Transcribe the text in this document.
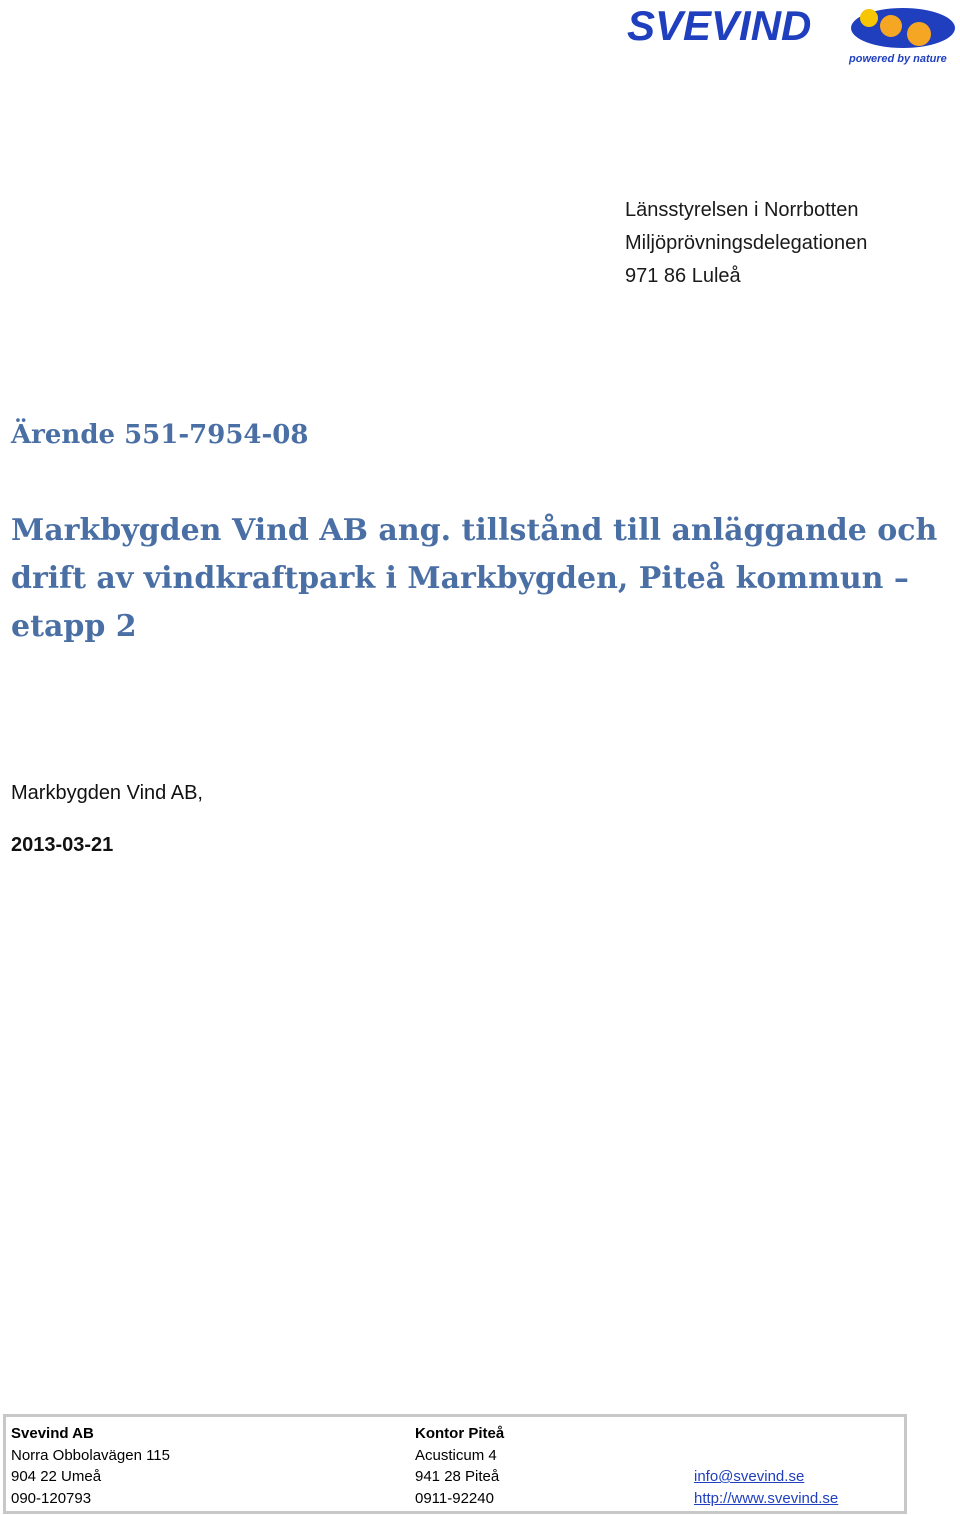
SVEVIND
powered by nature
Länsstyrelsen i Norrbotten
Miljöprövningsdelegationen
971 86 Luleå
Ärende 551-7954-08
Markbygden Vind AB ang. tillstånd till anläggande och
drift av vindkraftpark i Markbygden, Piteå kommun –
etapp 2
Markbygden Vind AB,
2013-03-21
Svevind AB
Norra Obbolavägen 115
904 22 Umeå
090-120793
Kontor Piteå
Acusticum 4
941 28 Piteå
0911-92240
info@svevind.se
http://www.svevind.se
